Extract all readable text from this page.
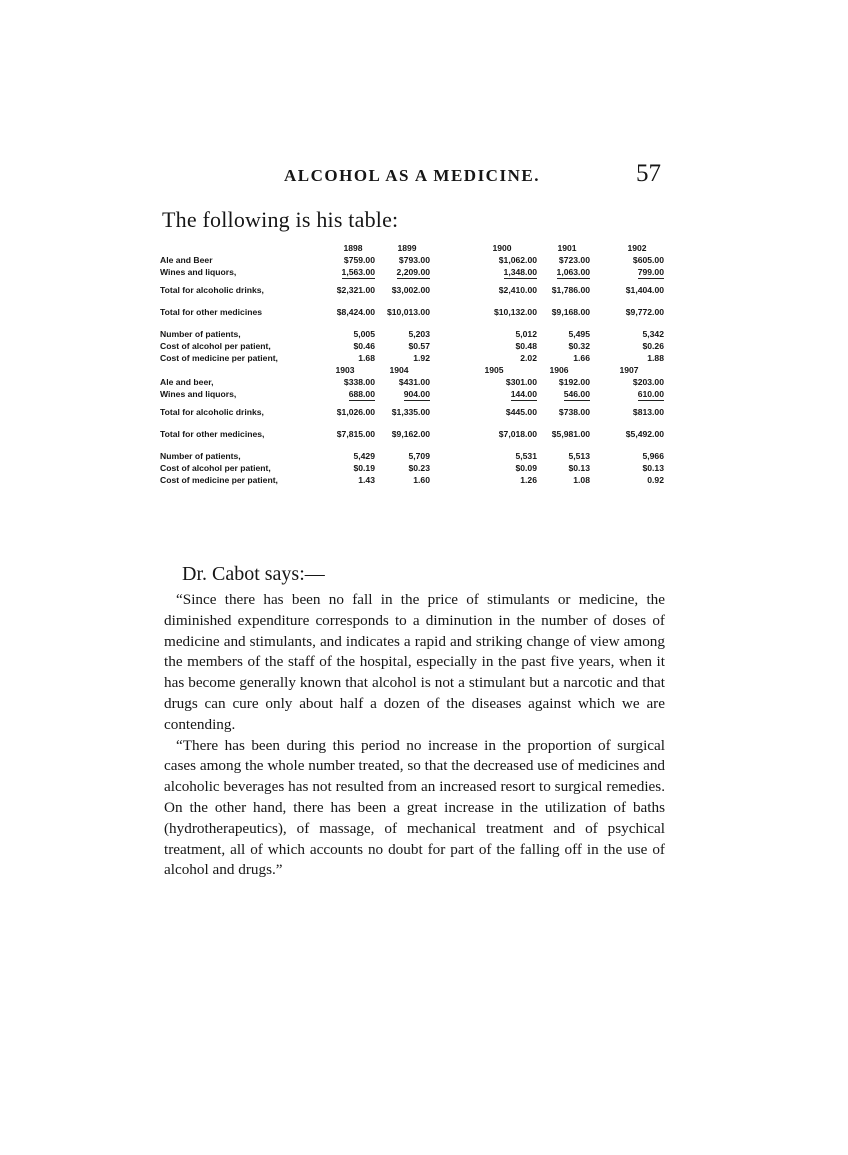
ALCOHOL AS A MEDICINE.	57
The following is his table:
1898	1899	1900	1901	1902
Ale and Beer	$759.00	$793.00	$1,062.00	$723.00	$605.00
Wines and liquors,	1,563.00	2,209.00	1,348.00 1,063.00	799.00
Total for alcoholic drinks,	$2,321.00 $3,002.00	$2,410.00 $1,786.00	$1,404.00
Total for other medicines	$8,424.00 $10,013.00	$10,132.00 $9,168.00	$9,772.00
Number of patients,	5,005	5,203	5,012	5,495	5,342
Cost of alcohol per patient,	$0.46	$0.57	$0.48	$0.32	$0.26
Cost of medicine per patient,	1.68	1.92	2.02	1.66	1.88
1903	1904	1905	1906	1907
Ale and beer,	$338.00	$431.00	$301.00	$192.00	$203.00
Wines and liquors,	688.00	904.00	144.00	546.00	610.00
Total for alcoholic drinks,	$1,026.00 $1,335.00	$445.00	$738.00	$813.00
Total for other medicines,	$7,815.00 $9,162.00	$7,018.00 $5,981.00	$5,492.00
Number of patients,	5,429	5,709	5,531	5,513	5,966
Cost of alcohol per patient,	$0.19	$0.23	$0.09	$0.13	$0.13
Cost of medicine per patient,	1.43	1.60	1.26	1.08	0.92
Dr. Cabot says:—

“Since there has been no fall in the price of stimulants or medicine, the diminished expenditure corresponds to a diminution in the number of doses of medicine and stimulants, and indicates a rapid and striking change of view among the members of the staff of the hospital, especially in the past five years, when it has become generally known that alcohol is not a stimulant but a narcotic and that drugs can cure only about half a dozen of the diseases against which we are contending.

“There has been during this period no increase in the proportion of surgical cases among the whole number treated, so that the decreased use of medicines and alcoholic beverages has not resulted from an increased resort to surgical remedies. On the other hand, there has been a great increase in the utilization of baths (hydrotherapeutics), of massage, of mechanical treatment and of psychical treatment, all of which accounts no doubt for part of the falling off in the use of alcohol and drugs.”
